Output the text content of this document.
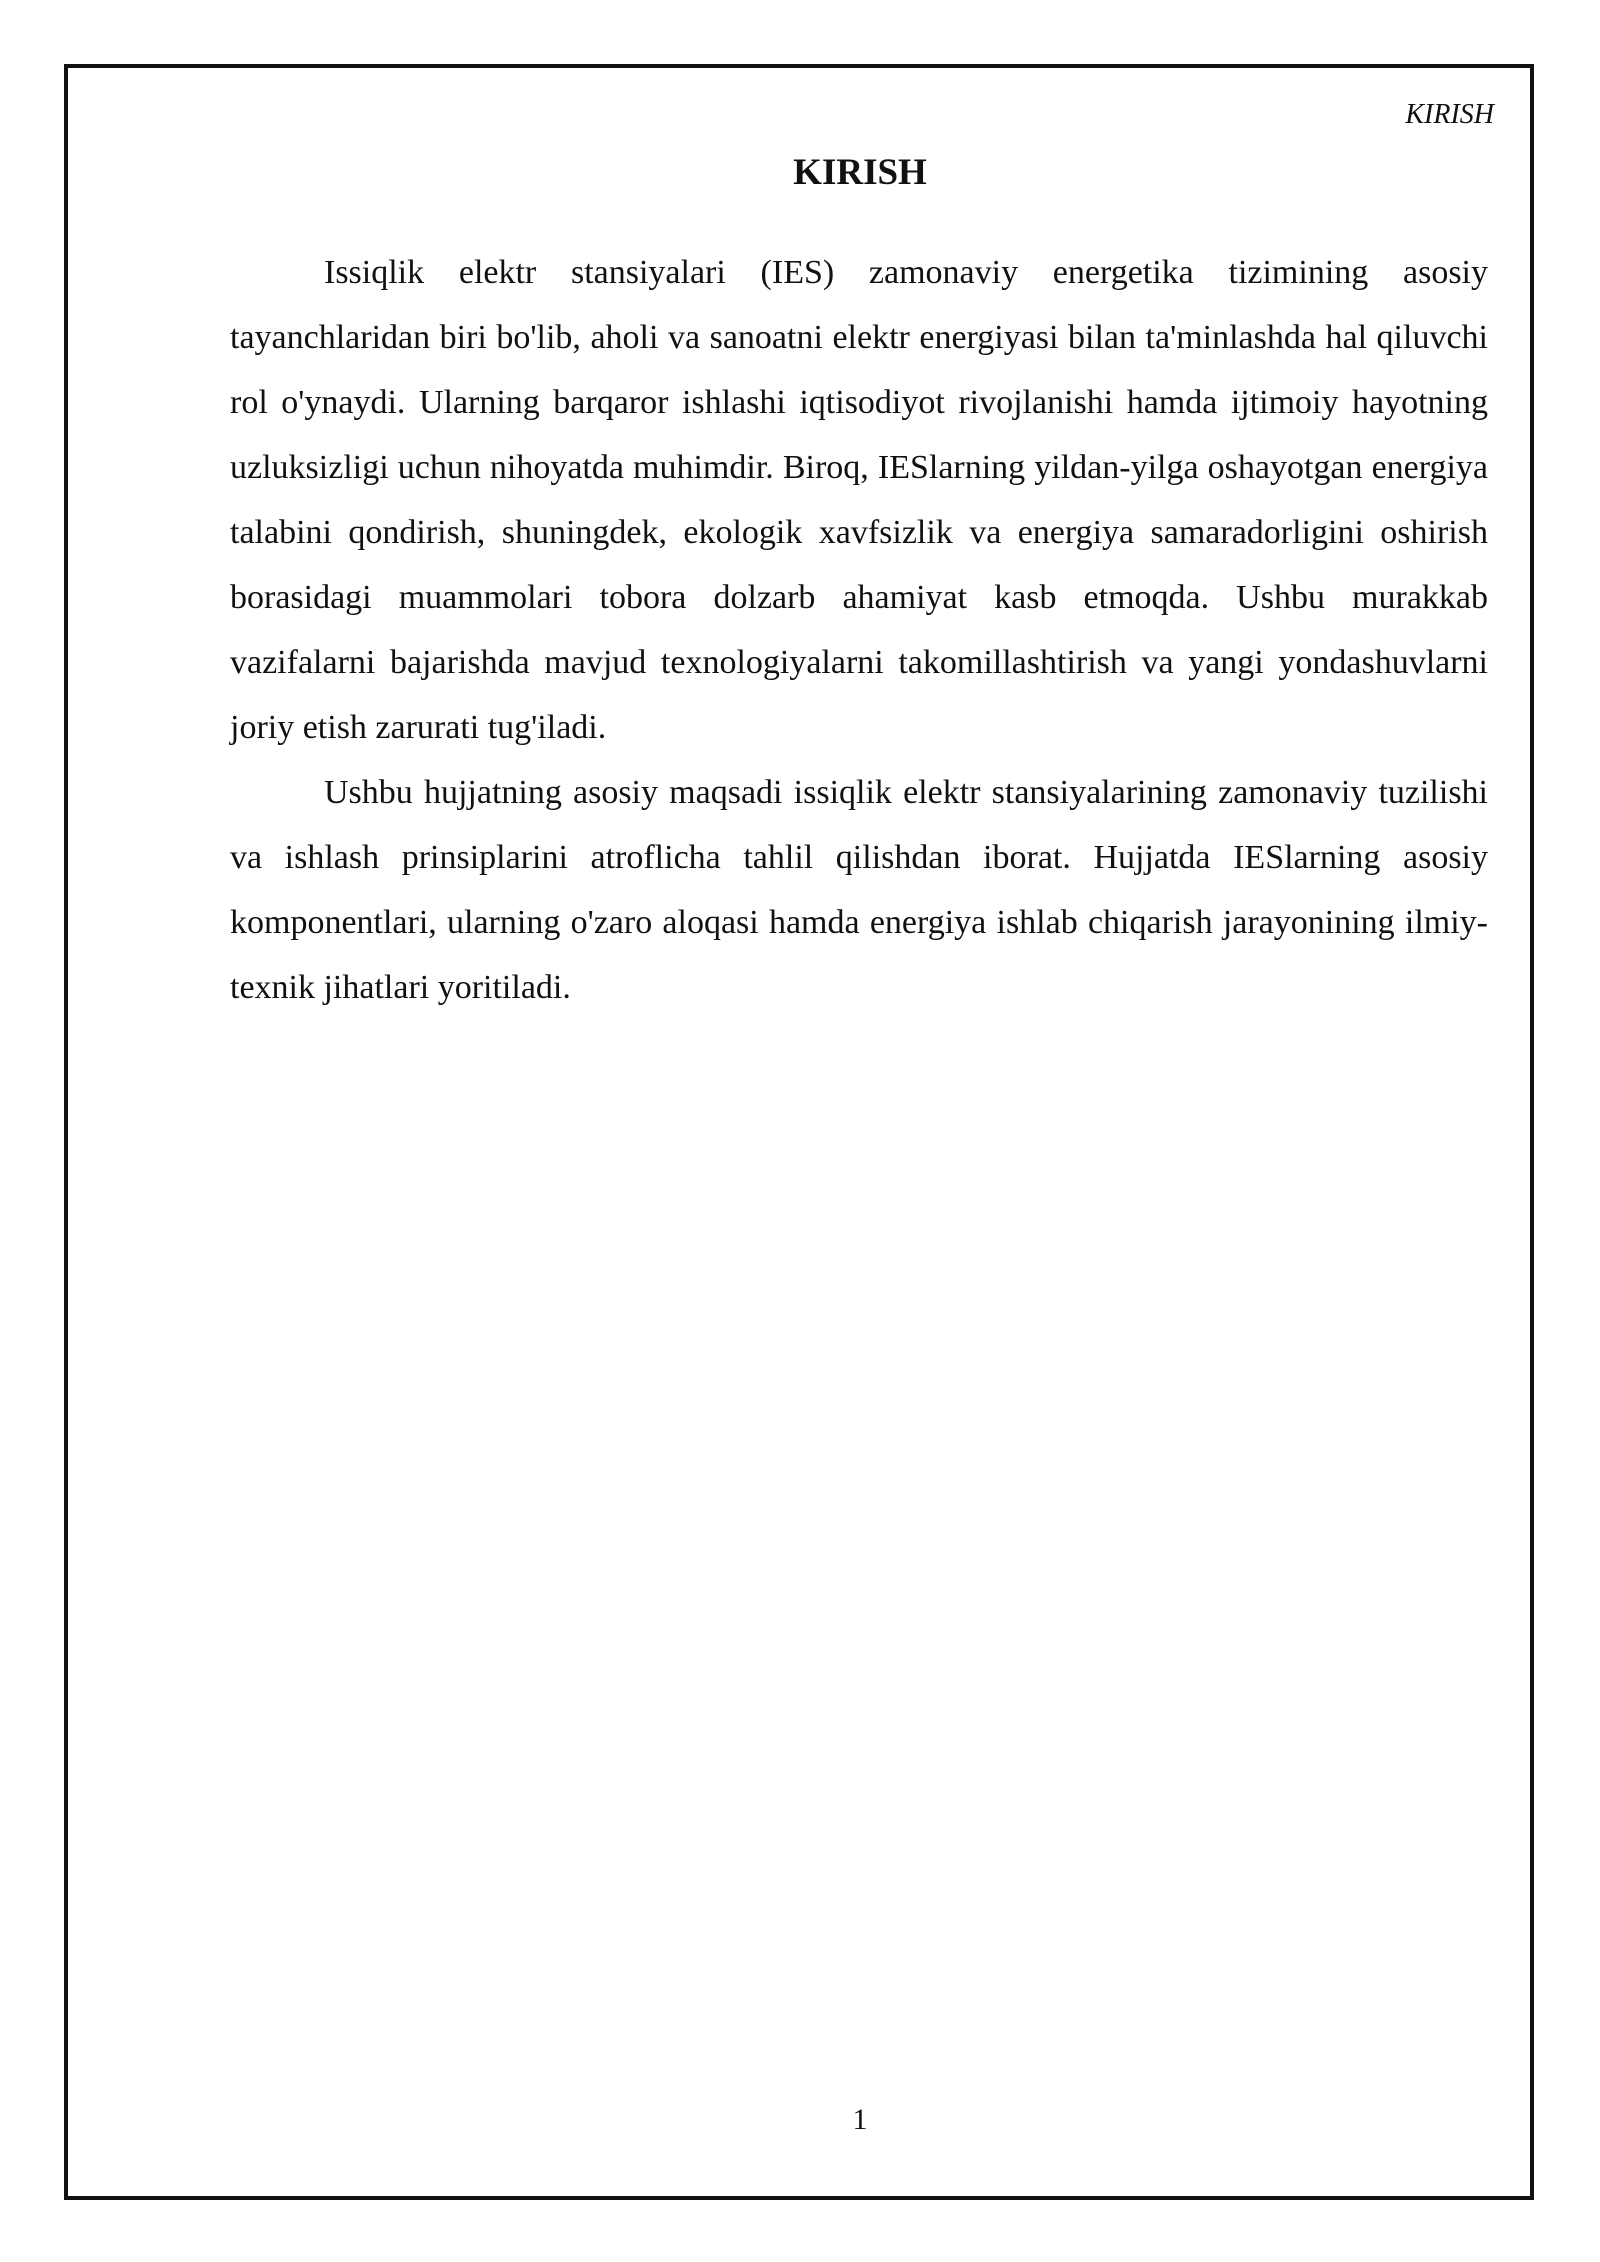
KIRISH
KIRISH

Issiqlik elektr stansiyalari (IES) zamonaviy energetika tizimining asosiy tayanchlaridan biri bo'lib, aholi va sanoatni elektr energiyasi bilan ta'minlashda hal qiluvchi rol o'ynaydi. Ularning barqaror ishlashi iqtisodiyot rivojlanishi hamda ijtimoiy hayotning uzluksizligi uchun nihoyatda muhimdir. Biroq, IESlarning yildan-yilga oshayotgan energiya talabini qondirish, shuningdek, ekologik xavfsizlik va energiya samaradorligini oshirish borasidagi muammolari tobora dolzarb ahamiyat kasb etmoqda. Ushbu murakkab vazifalarni bajarishda mavjud texnologiyalarni takomillashtirish va yangi yondashuvlarni joriy etish zarurati tug'iladi.

Ushbu hujjatning asosiy maqsadi issiqlik elektr stansiyalarining zamonaviy tuzilishi va ishlash prinsiplarini atroflicha tahlil qilishdan iborat. Hujjatda IESlarning asosiy komponentlari, ularning o'zaro aloqasi hamda energiya ishlab chiqarish jarayonining ilmiy-texnik jihatlari yoritiladi.

1
